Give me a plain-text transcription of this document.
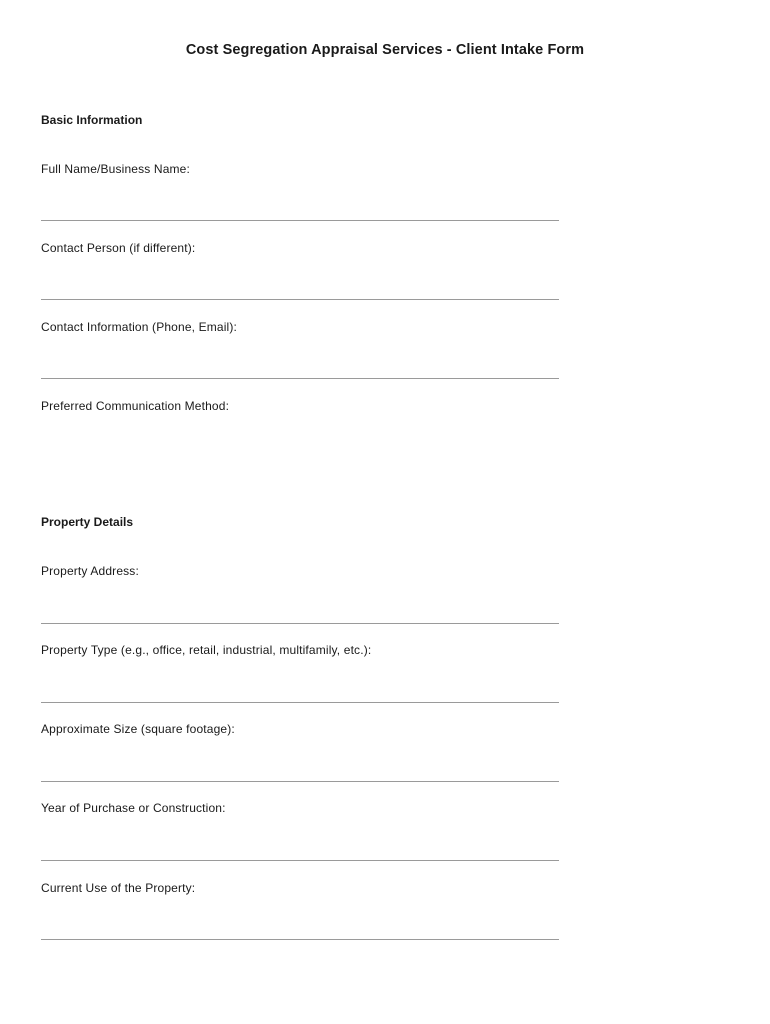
Cost Segregation Appraisal Services - Client Intake Form
Basic Information
Full Name/Business Name:
Contact Person (if different):
Contact Information (Phone, Email):
Preferred Communication Method:
Property Details
Property Address:
Property Type (e.g., office, retail, industrial, multifamily, etc.):
Approximate Size (square footage):
Year of Purchase or Construction:
Current Use of the Property:
